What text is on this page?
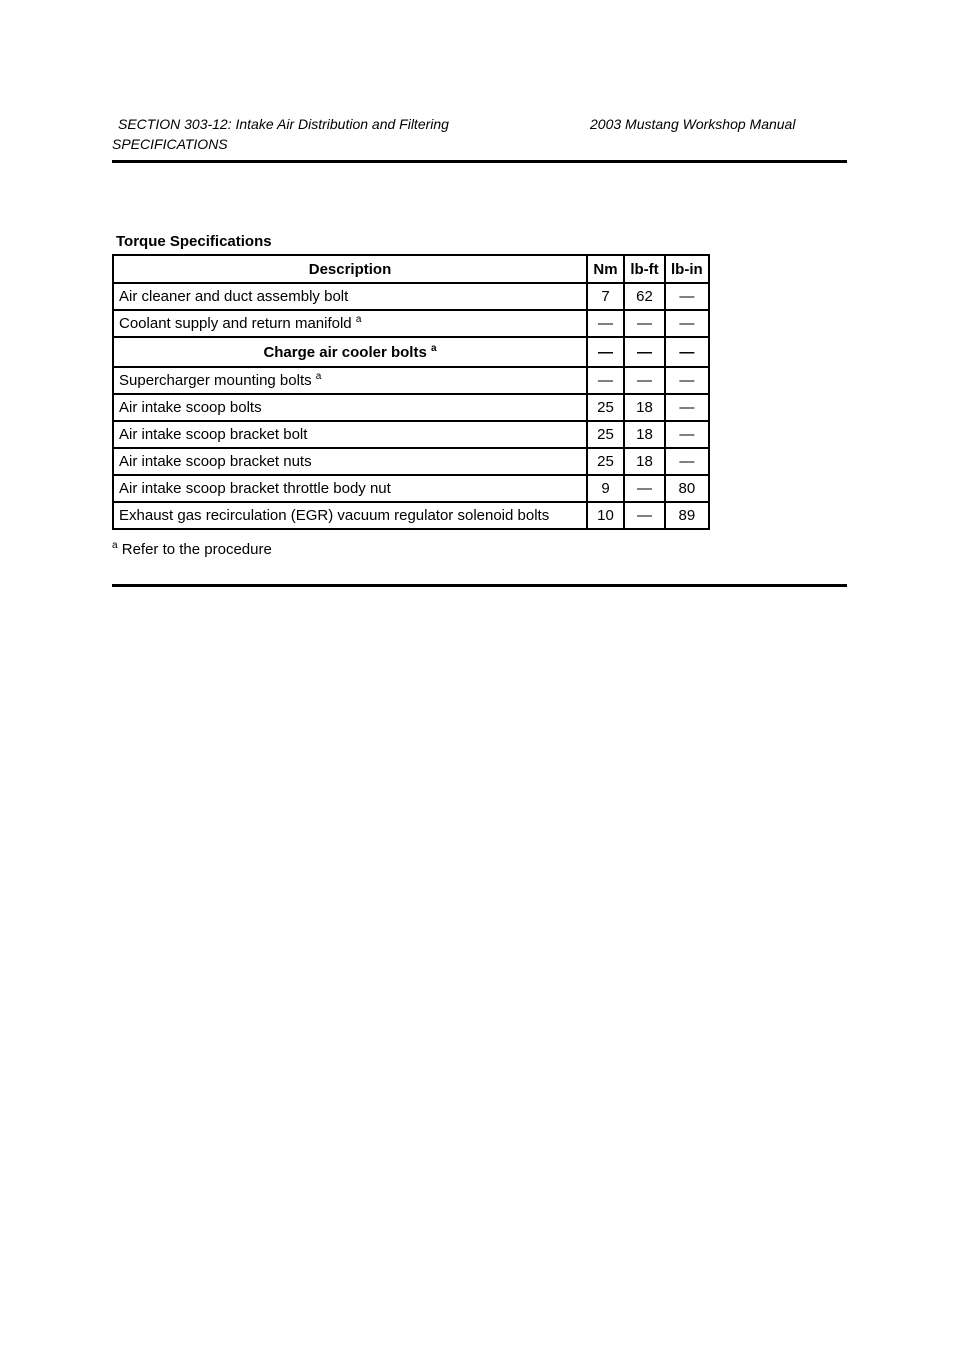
SECTION 303-12: Intake Air Distribution and Filtering	2003 Mustang Workshop Manual
SPECIFICATIONS
Torque Specifications
Description	Nm	lb-ft	lb-in
Air cleaner and duct assembly bolt	7	62	—
Coolant supply and return manifold $^a$	—	—	—
Charge air cooler bolts $^a$	—	—	—
Supercharger mounting bolts $^a$	—	—	—
Air intake scoop bolts	25	18	—
Air intake scoop bracket bolt	25	18	—
Air intake scoop bracket nuts	25	18	—
Air intake scoop bracket throttle body nut	9	—	80
Exhaust gas recirculation (EGR) vacuum regulator solenoid bolts	10	—	89
$^a$ Refer to the procedure
